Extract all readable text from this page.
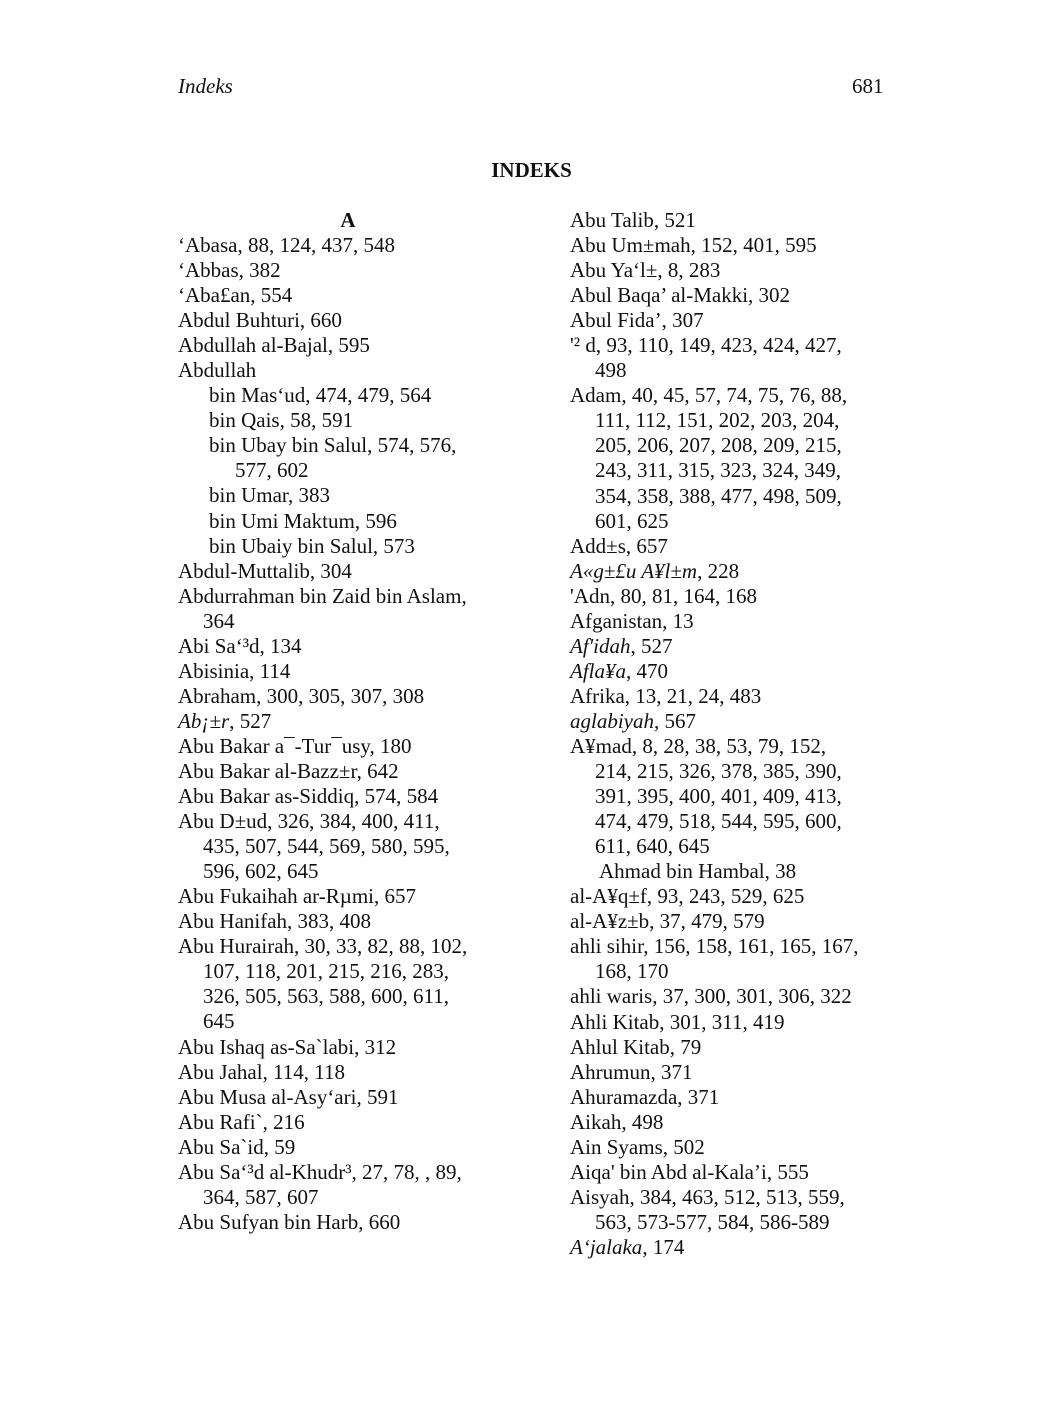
Indeks	681
INDEKS
A
‘Abasa, 88, 124, 437, 548
‘Abbas, 382
‘Aba£an, 554
Abdul Buhturi, 660
Abdullah al-Bajal, 595
Abdullah
bin Mas‘ud, 474, 479, 564
bin Qais, 58, 591
bin Ubay bin Salul, 574, 576,
577, 602
bin Umar, 383
bin Umi Maktum, 596
bin Ubaiy bin Salul, 573
Abdul-Muttalib, 304
Abdurrahman bin Zaid bin Aslam,
364
Abi Sa‘³d, 134
Abisinia, 114
Abraham, 300, 305, 307, 308
Ab¡±r, 527
Abu Bakar a¯-Tur¯usy, 180
Abu Bakar al-Bazz±r, 642
Abu Bakar as-Siddiq, 574, 584
Abu D±ud, 326, 384, 400, 411,
435, 507, 544, 569, 580, 595,
596, 602, 645
Abu Fukaihah ar-Rµmi, 657
Abu Hanifah, 383, 408
Abu Hurairah, 30, 33, 82, 88, 102,
107, 118, 201, 215, 216, 283,
326, 505, 563, 588, 600, 611,
645
Abu Ishaq as-Sa`labi, 312
Abu Jahal, 114, 118
Abu Musa al-Asy‘ari, 591
Abu Rafi`, 216
Abu Sa`id, 59
Abu Sa‘³d al-Khudr³, 27, 78, , 89,
364, 587, 607
Abu Sufyan bin Harb, 660
Abu Talib, 521
Abu Um±mah, 152, 401, 595
Abu Ya‘l±, 8, 283
Abul Baqa’ al-Makki, 302
Abul Fida’, 307
'² d, 93, 110, 149, 423, 424, 427,
498
Adam, 40, 45, 57, 74, 75, 76, 88,
111, 112, 151, 202, 203, 204,
205, 206, 207, 208, 209, 215,
243, 311, 315, 323, 324, 349,
354, 358, 388, 477, 498, 509,
601, 625
Add±s, 657
A«g±£u A¥l±m, 228
'Adn, 80, 81, 164, 168
Afganistan, 13
Af'idah, 527
Afla¥a, 470
Afrika, 13, 21, 24, 483
aglabiyah, 567
A¥mad, 8, 28, 38, 53, 79, 152,
214, 215, 326, 378, 385, 390,
391, 395, 400, 401, 409, 413,
474, 479, 518, 544, 595, 600,
611, 640, 645
Ahmad bin Hambal, 38
al-A¥q±f, 93, 243, 529, 625
al-A¥z±b, 37, 479, 579
ahli sihir, 156, 158, 161, 165, 167,
168, 170
ahli waris, 37, 300, 301, 306, 322
Ahli Kitab, 301, 311, 419
Ahlul Kitab, 79
Ahrumun, 371
Ahuramazda, 371
Aikah, 498
Ain Syams, 502
Aiqa' bin Abd al-Kala’i, 555
Aisyah, 384, 463, 512, 513, 559,
563, 573-577, 584, 586-589
A‘jalaka, 174
